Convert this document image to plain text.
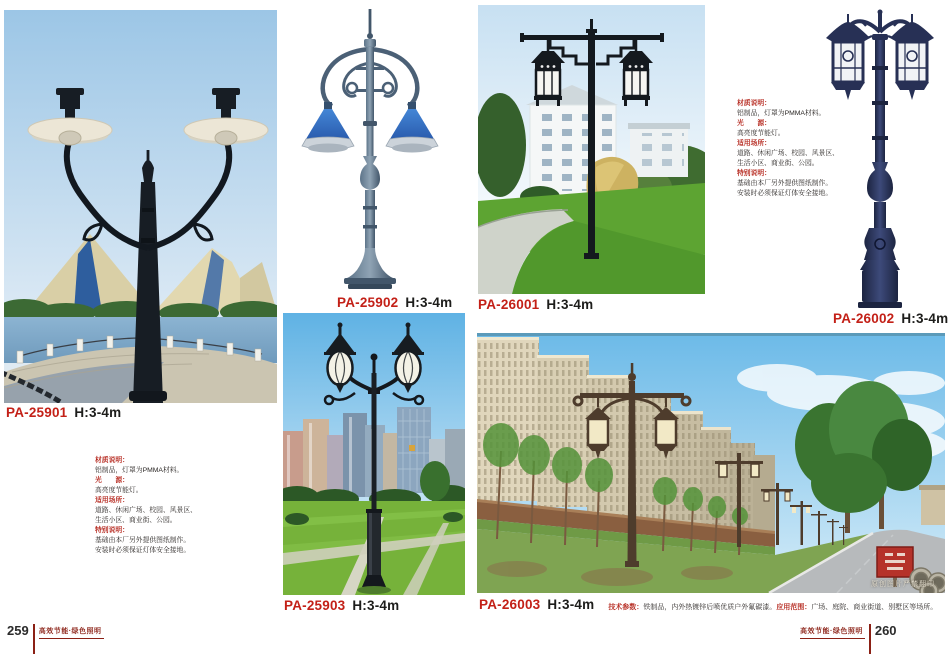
PA-25901 H:3-4m
PA-25902 H:3-4m PA-26001 H:3-4m
材质说明：
铝制品，灯罩为PMMA材料。
光　　源：
高亮度节能灯。
适用场所：
道路、休闲广场、校园、风景区、
生活小区、商业街、公园。
特别说明：
基础由本厂另外提供图纸制作。
安装时必须保证灯体安全接地。
PA-26002 H:3-4m
材质说明：
铝制品，灯罩为PMMA材料。
光　　源：
高亮度节能灯。
适用场所：
道路、休闲广场、校园、风景区、
生活小区、商业街、公园。
特别说明：
基础由本厂另外提供图纸制作。
安装时必须保证灯体安全接地。
PA-25903 H:3-4m
原创图片严禁翻印
PA-26003 H:3-4m 技术参数：铁制品，内外热镀锌后喷优质户外氟碳漆。应用范围：广场、庭院、商业街道、别墅区等场所。
259 高效节能·绿色照明	高效节能·绿色照明 260
